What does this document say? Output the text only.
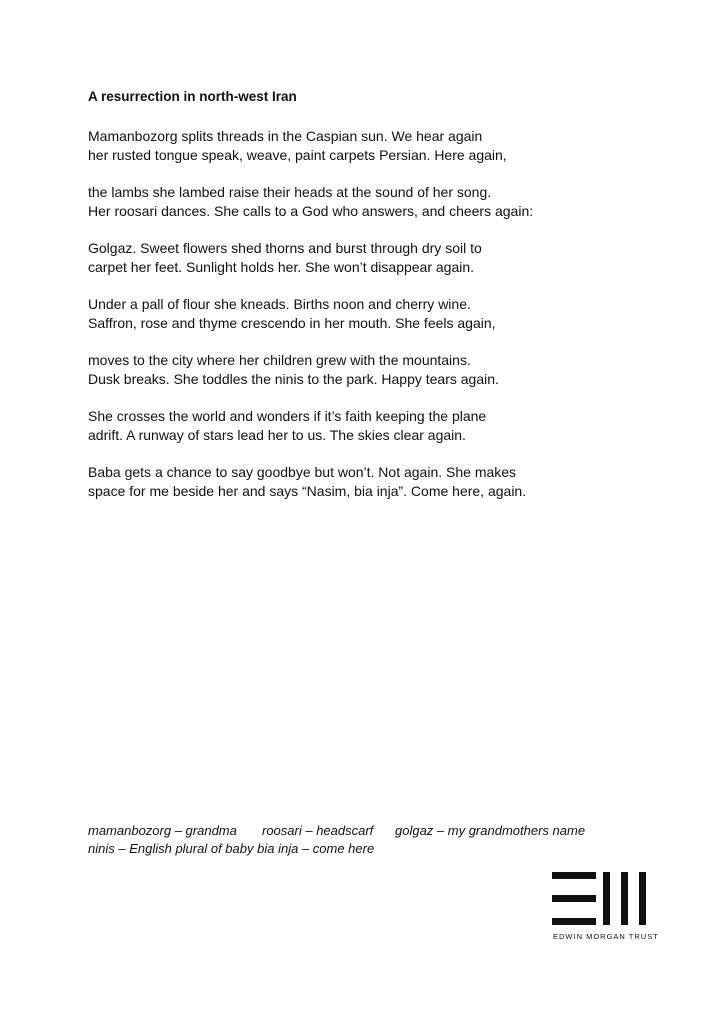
A resurrection in north-west Iran
Mamanbozorg splits threads in the Caspian sun. We hear again
her rusted tongue speak, weave, paint carpets Persian. Here again,
the lambs she lambed raise their heads at the sound of her song.
Her roosari dances. She calls to a God who answers, and cheers again:
Golgaz. Sweet flowers shed thorns and burst through dry soil to
carpet her feet. Sunlight holds her. She won’t disappear again.
Under a pall of flour she kneads. Births noon and cherry wine.
Saffron, rose and thyme crescendo in her mouth. She feels again,
moves to the city where her children grew with the mountains.
Dusk breaks. She toddles the ninis to the park. Happy tears again.
She crosses the world and wonders if it’s faith keeping the plane
adrift. A runway of stars lead her to us. The skies clear again.
Baba gets a chance to say goodbye but won’t. Not again. She makes
space for me beside her and says “Nasim, bia inja”. Come here, again.
mamanbozorg – grandma roosari – headscarf golgaz – my grandmothers name
ninis – English plural of baby bia inja – come here
EDWIN MORGAN TRUST
